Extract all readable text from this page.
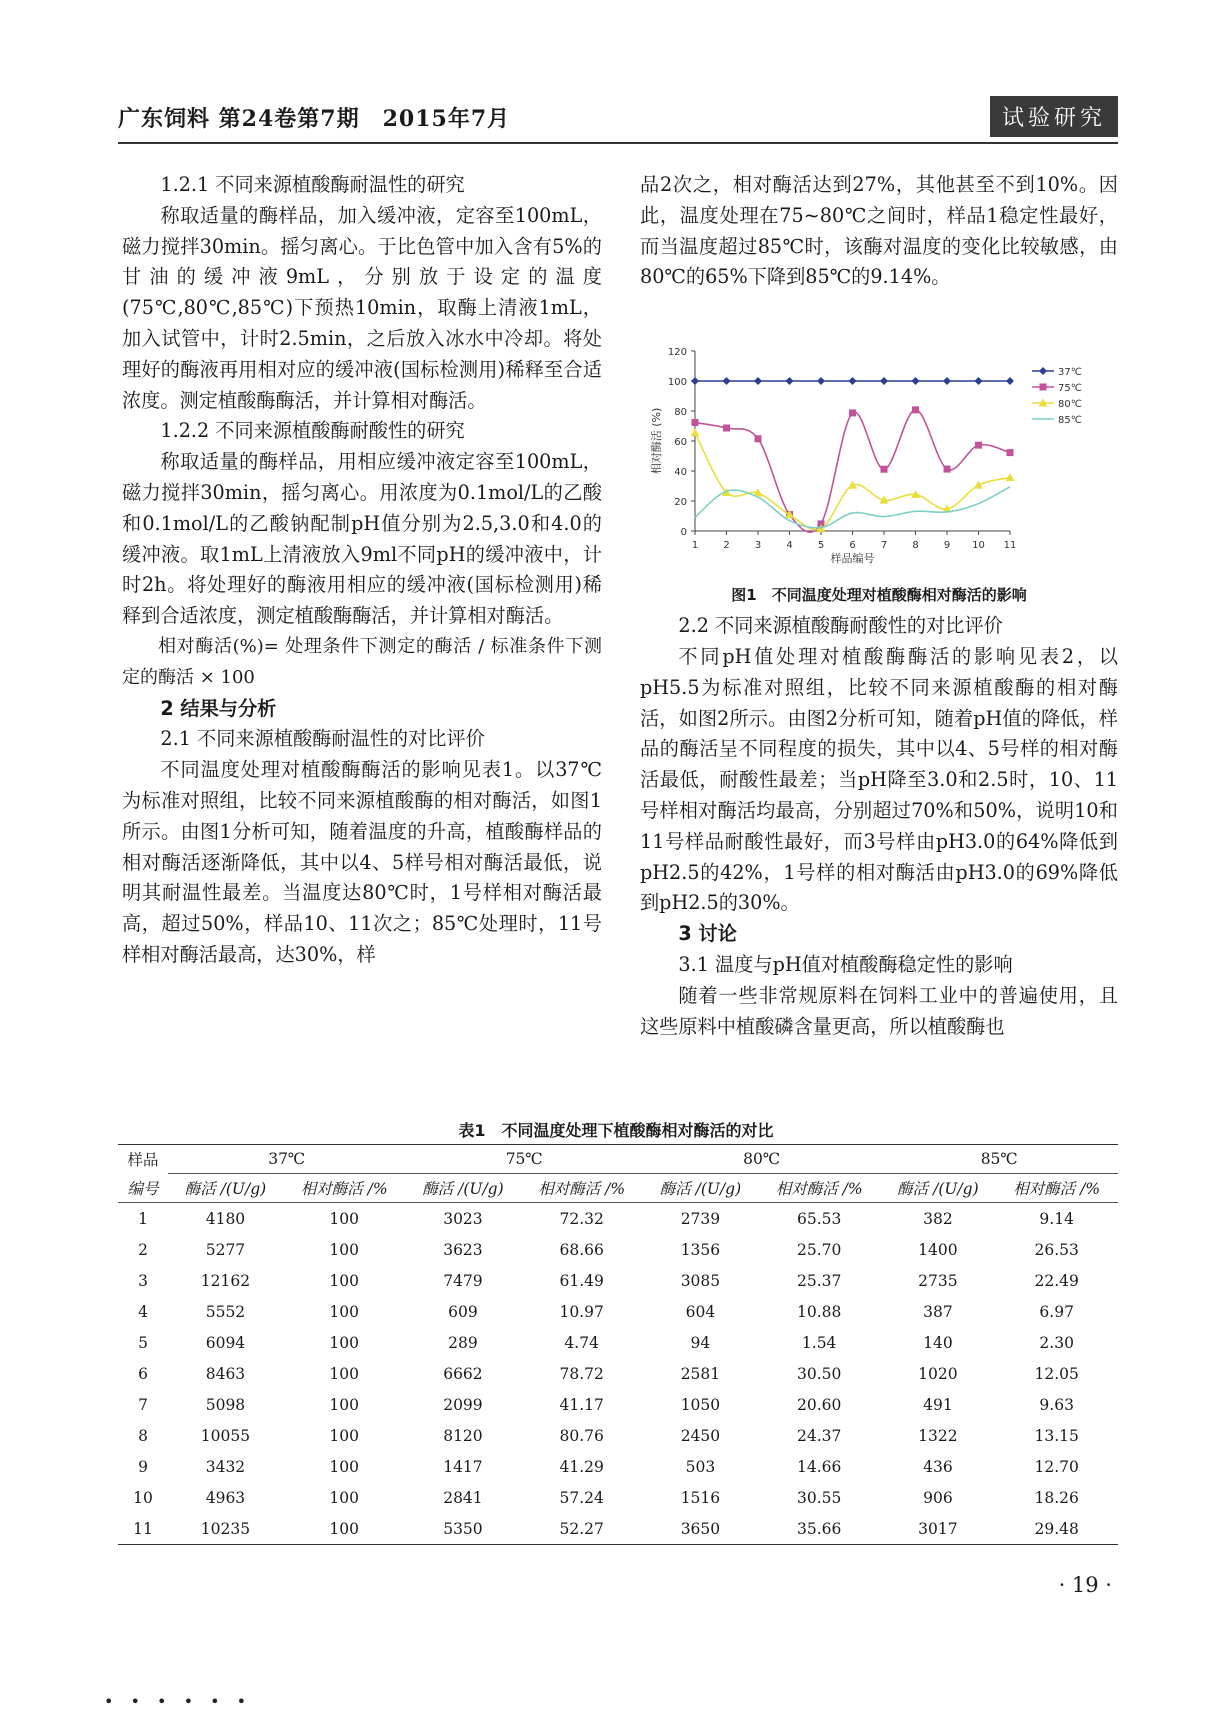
广东饲料 第24卷第7期　2015年7月	试验研究

1.2.1 不同来源植酸酶耐温性的研究

称取适量的酶样品，加入缓冲液，定容至100mL，磁力搅拌30min。摇匀离心。于比色管中加入含有5%的甘油的缓冲液9mL，分别放于设定的温度(75℃,80℃,85℃)下预热10min，取酶上清液1mL，加入试管中，计时2.5min，之后放入冰水中冷却。将处理好的酶液再用相对应的缓冲液(国标检测用)稀释至合适浓度。测定植酸酶酶活，并计算相对酶活。

1.2.2 不同来源植酸酶耐酸性的研究

称取适量的酶样品，用相应缓冲液定容至100mL，磁力搅拌30min，摇匀离心。用浓度为0.1mol/L的乙酸和0.1mol/L的乙酸钠配制pH值分别为2.5,3.0和4.0的缓冲液。取1mL上清液放入9ml不同pH的缓冲液中，计时2h。将处理好的酶液用相应的缓冲液(国标检测用)稀释到合适浓度，测定植酸酶酶活，并计算相对酶活。

相对酶活(%)= 处理条件下测定的酶活 / 标准条件下测定的酶活 × 100

2 结果与分析

2.1 不同来源植酸酶耐温性的对比评价

不同温度处理对植酸酶酶活的影响见表1。以37℃为标准对照组，比较不同来源植酸酶的相对酶活，如图1所示。由图1分析可知，随着温度的升高，植酸酶样品的相对酶活逐渐降低，其中以4、5样号相对酶活最低，说明其耐温性最差。当温度达80℃时，1号样相对酶活最高，超过50%，样品10、11次之；85℃处理时，11号样相对酶活最高，达30%，样

品2次之，相对酶活达到27%，其他甚至不到10%。因此，温度处理在75~80℃之间时，样品1稳定性最好，而当温度超过85℃时，该酶对温度的变化比较敏感，由80℃的65%下降到85℃的9.14%。

2.2 不同来源植酸酶耐酸性的对比评价

不同pH值处理对植酸酶酶活的影响见表2，以pH5.5为标准对照组，比较不同来源植酸酶的相对酶活，如图2所示。由图2分析可知，随着pH值的降低，样品的酶活呈不同程度的损失，其中以4、5号样的相对酶活最低，耐酸性最差；当pH降至3.0和2.5时，10、11号样相对酶活均最高，分别超过70%和50%，说明10和11号样品耐酸性最好，而3号样由pH3.0的64%降低到pH2.5的42%，1号样的相对酶活由pH3.0的69%降低到pH2.5的30%。

3 讨论

3.1 温度与pH值对植酸酶稳定性的影响

随着一些非常规原料在饲料工业中的普遍使用，且这些原料中植酸磷含量更高，所以植酸酶也

0
20
40
60
80
100
120
1	2	3	4	5	6	7	8	9 10 11
样品编号
相对酶活 (%)
37℃
75℃
80℃
85℃
图1　不同温度处理对植酸酶相对酶活的影响
表1　不同温度处理下植酸酶相对酶活的对比
样品	37℃		75℃		80℃		85℃	
编号	酶活 /(U/g)	相对酶活 /%	酶活 /(U/g)	相对酶活 /%	酶活 /(U/g)	相对酶活 /%	酶活 /(U/g)	相对酶活 /%
1	4180	100	3023	72.32	2739	65.53	382	9.14
2	5277	100	3623	68.66	1356	25.70	1400	26.53
3	12162	100	7479	61.49	3085	25.37	2735	22.49
4	5552	100	609	10.97	604	10.88	387	6.97
5	6094	100	289	4.74	94	1.54	140	2.30
6	8463	100	6662	78.72	2581	30.50	1020	12.05
7	5098	100	2099	41.17	1050	20.60	491	9.63
8	10055	100	8120	80.76	2450	24.37	1322	13.15
9	3432	100	1417	41.29	503	14.66	436	12.70
10	4963	100	2841	57.24	1516	30.55	906	18.26
11	10235	100	5350	52.27	3650	35.66	3017	29.48
· 19 ·
• • • • • •
